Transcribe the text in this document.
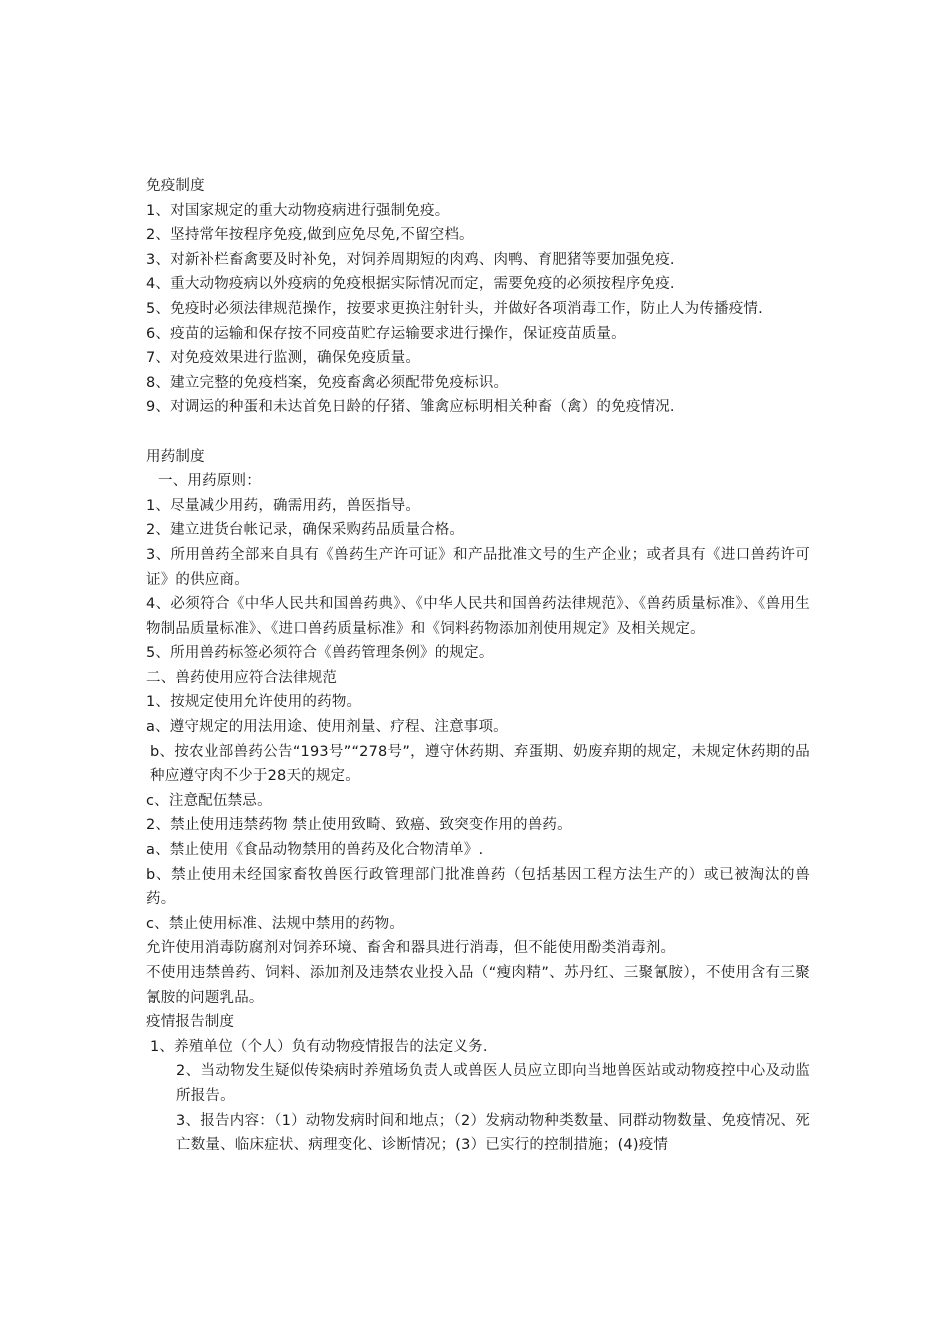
免疫制度
1、对国家规定的重大动物疫病进行强制免疫。
2、坚持常年按程序免疫,做到应免尽免,不留空档。
3、对新补栏畜禽要及时补免，对饲养周期短的肉鸡、肉鸭、育肥猪等要加强免疫.
4、重大动物疫病以外疫病的免疫根据实际情况而定，需要免疫的必须按程序免疫.
5、免疫时必须法律规范操作，按要求更换注射针头，并做好各项消毒工作，防止人为传播疫情.
6、疫苗的运输和保存按不同疫苗贮存运输要求进行操作，保证疫苗质量。
7、对免疫效果进行监测，确保免疫质量。
8、建立完整的免疫档案，免疫畜禽必须配带免疫标识。
9、对调运的种蛋和未达首免日龄的仔猪、雏禽应标明相关种畜（禽）的免疫情况.
用药制度
一、用药原则：
1、尽量减少用药，确需用药，兽医指导。
2、建立进货台帐记录，确保采购药品质量合格。
3、所用兽药全部来自具有《兽药生产许可证》和产品批准文号的生产企业；或者具有《进口兽药许可证》的供应商。
4、必须符合《中华人民共和国兽药典》、《中华人民共和国兽药法律规范》、《兽药质量标准》、《兽用生物制品质量标准》、《进口兽药质量标准》和《饲料药物添加剂使用规定》及相关规定。
5、所用兽药标签必须符合《兽药管理条例》的规定。
二、兽药使用应符合法律规范
1、按规定使用允许使用的药物。
a、遵守规定的用法用途、使用剂量、疗程、注意事项。
b、按农业部兽药公告“193号”“278号”，遵守休药期、弃蛋期、奶废弃期的规定，未规定休药期的品种应遵守肉不少于28天的规定。
c、注意配伍禁忌。
2、禁止使用违禁药物 禁止使用致畸、致癌、致突变作用的兽药。
a、禁止使用《食品动物禁用的兽药及化合物清单》.
b、禁止使用未经国家畜牧兽医行政管理部门批准兽药（包括基因工程方法生产的）或已被淘汰的兽药。
c、禁止使用标准、法规中禁用的药物。
允许使用消毒防腐剂对饲养环境、畜舍和器具进行消毒，但不能使用酚类消毒剂。
不使用违禁兽药、饲料、添加剂及违禁农业投入品（“瘦肉精”、苏丹红、三聚氰胺），不使用含有三聚氰胺的问题乳品。
疫情报告制度
1、养殖单位（个人）负有动物疫情报告的法定义务.
2、当动物发生疑似传染病时养殖场负责人或兽医人员应立即向当地兽医站或动物疫控中心及动监所报告。
3、报告内容：（1）动物发病时间和地点；（2）发病动物种类数量、同群动物数量、免疫情况、死亡数量、临床症状、病理变化、诊断情况；(3）已实行的控制措施；(4)疫情
